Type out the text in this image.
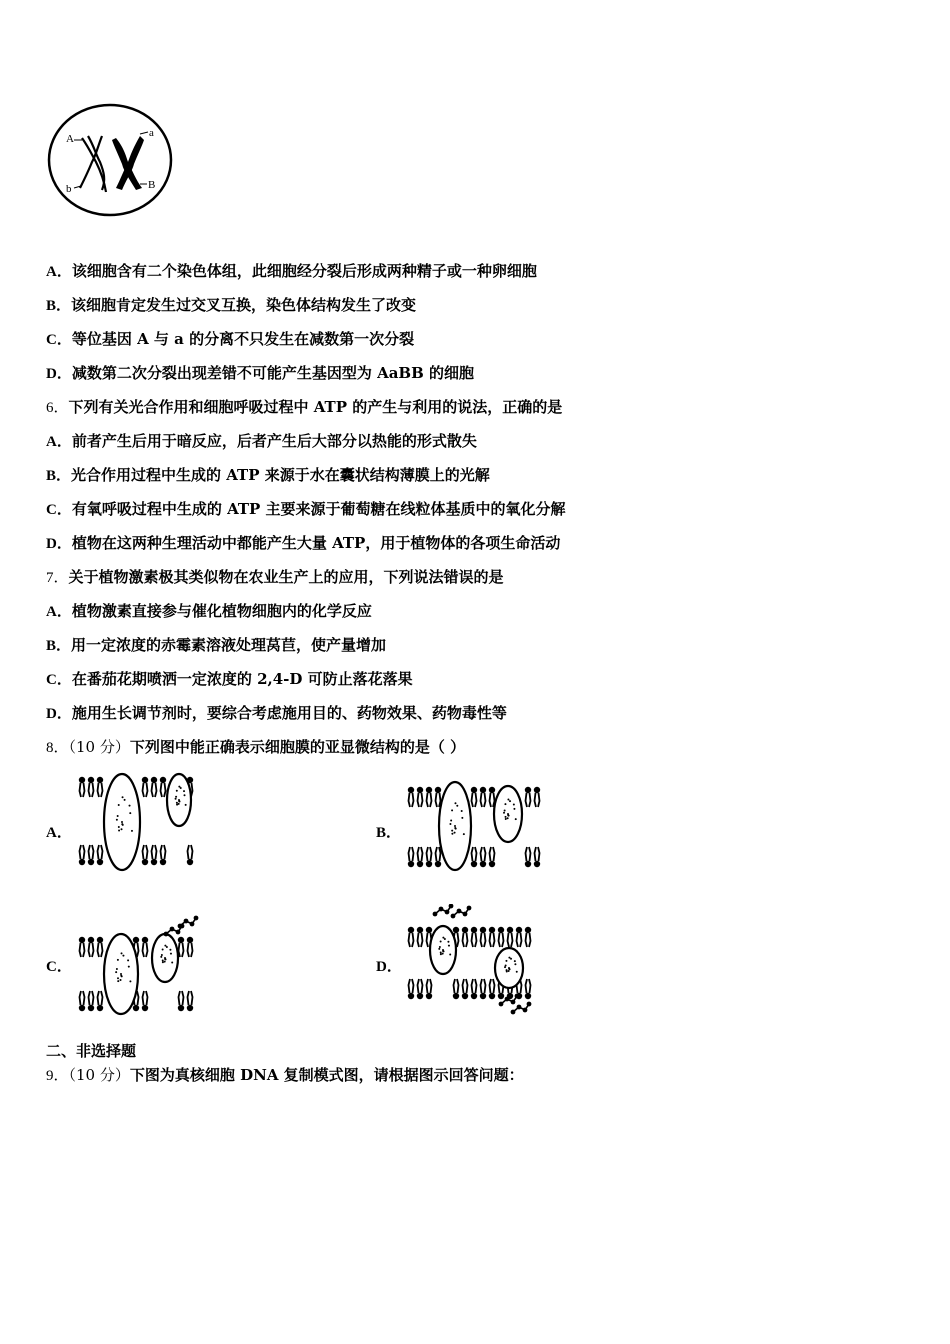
A	a
b	B
A．该细胞含有二个染色体组，此细胞经分裂后形成两种精子或一种卵细胞
B．该细胞肯定发生过交叉互换，染色体结构发生了改变
C．等位基因 A 与 a 的分离不只发生在减数第一次分裂
D．减数第二次分裂出现差错不可能产生基因型为 AaBB 的细胞
6．下列有关光合作用和细胞呼吸过程中 ATP 的产生与利用的说法，正确的是
A．前者产生后用于暗反应，后者产生后大部分以热能的形式散失
B．光合作用过程中生成的 ATP 来源于水在囊状结构薄膜上的光解
C．有氧呼吸过程中生成的 ATP 主要来源于葡萄糖在线粒体基质中的氧化分解
D．植物在这两种生理活动中都能产生大量 ATP，用于植物体的各项生命活动
7．关于植物激素极其类似物在农业生产上的应用，下列说法错误的是
A．植物激素直接参与催化植物细胞内的化学反应
B．用一定浓度的赤霉素溶液处理莴苣，使产量增加
C．在番茄花期喷洒一定浓度的 2,4-D 可防止落花落果
D．施用生长调节剂时，要综合考虑施用目的、药物效果、药物毒性等
8．（10 分）下列图中能正确表示细胞膜的亚显微结构的是（ ）
A．	B．
C．	D．
二、非选择题
9．（10 分）下图为真核细胞 DNA 复制模式图，请根据图示回答问题：
